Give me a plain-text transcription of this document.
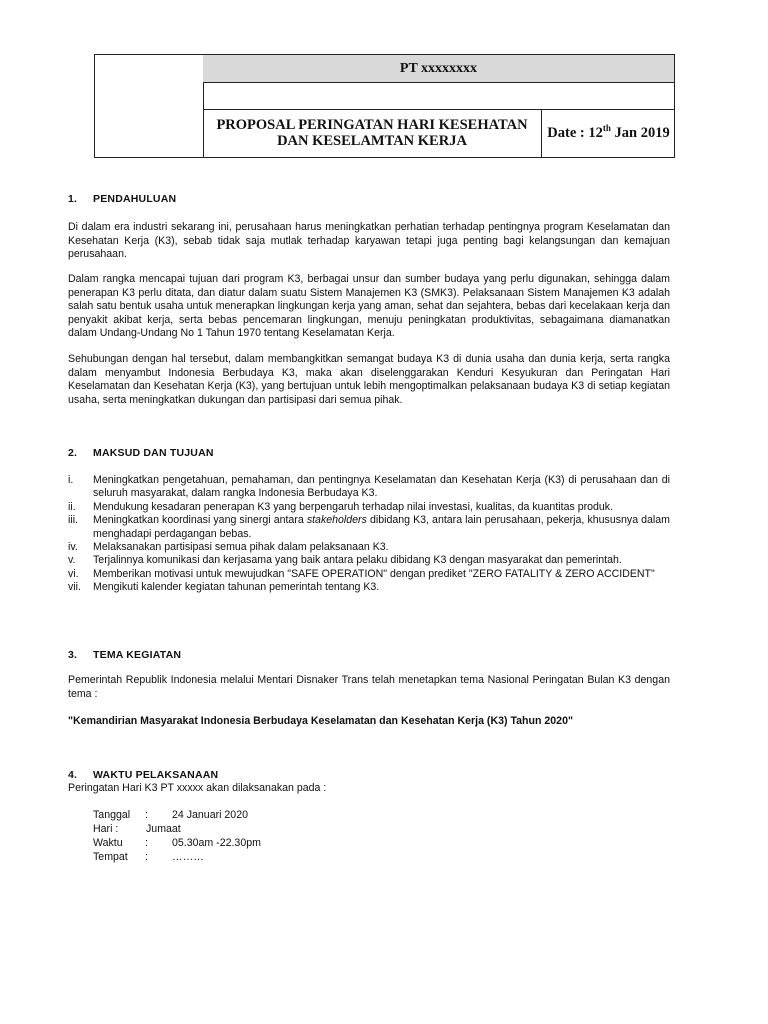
PT xxxxxxxx
PROPOSAL PERINGATAN HARI KESEHATAN
DAN KESELAMTAN KERJA	Date : 12th Jan 2019
1. PENDAHULUAN
Di dalam era industri sekarang ini, perusahaan harus meningkatkan perhatian terhadap pentingnya program Keselamatan dan Kesehatan Kerja (K3), sebab tidak saja mutlak terhadap karyawan tetapi juga penting bagi kelangsungan dan kemajuan perusahaan.
Dalam rangka mencapai tujuan dari program K3, berbagai unsur dan sumber budaya yang perlu digunakan, sehingga dalam penerapan K3 perlu ditata, dan diatur dalam suatu Sistem Manajemen K3 (SMK3). Pelaksanaan Sistem Manajemen K3 adalah salah satu bentuk usaha untuk menerapkan lingkungan kerja yang aman, sehat dan sejahtera, bebas dari kecelakaan kerja dan penyakit akibat kerja, serta bebas pencemaran lingkungan, menuju peningkatan produktivitas, sebagaimana diamanatkan dalam Undang-Undang No 1 Tahun 1970 tentang Keselamatan Kerja.
Sehubungan dengan hal tersebut, dalam membangkitkan semangat budaya K3 di dunia usaha dan dunia kerja, serta rangka dalam menyambut Indonesia Berbudaya K3, maka akan diselenggarakan Kenduri Kesyukuran dan Peringatan Hari Keselamatan dan Kesehatan Kerja (K3), yang bertujuan untuk lebih mengoptimalkan pelaksanaan budaya K3 di setiap kegiatan usaha, serta meningkatkan dukungan dan partisipasi dari semua pihak.
2. MAKSUD DAN TUJUAN
i.	Meningkatkan pengetahuan, pemahaman, dan pentingnya Keselamatan dan Kesehatan Kerja (K3) di perusahaan dan di seluruh masyarakat, dalam rangka Indonesia Berbudaya K3.
ii.	Mendukung kesadaran penerapan K3 yang berpengaruh terhadap nilai investasi, kualitas, da kuantitas produk.
iii.	Meningkatkan koordinasi yang sinergi antara stakeholders dibidang K3, antara lain perusahaan, pekerja, khususnya dalam menghadapi perdagangan bebas.
iv.	Melaksanakan partisipasi semua pihak dalam pelaksanaan K3.
v.	Terjalinnya komunikasi dan kerjasama yang baik antara pelaku dibidang K3 dengan masyarakat dan pemerintah.
vi.	Memberikan motivasi untuk mewujudkan "SAFE OPERATION" dengan prediket "ZERO FATALITY & ZERO ACCIDENT"
vii.	Mengikuti kalender kegiatan tahunan pemerintah tentang K3.
3. TEMA KEGIATAN
Pemerintah Republik Indonesia melalui Mentari Disnaker Trans telah menetapkan tema Nasional Peringatan Bulan K3 dengan tema :
"Kemandirian Masyarakat Indonesia Berbudaya Keselamatan dan Kesehatan Kerja (K3) Tahun 2020"
4. WAKTU PELAKSANAAN
Peringatan Hari K3 PT xxxxx akan dilaksanakan pada :
Tanggal	:	24 Januari 2020
Hari :	Jumaat
Waktu	:	05.30am -22.30pm
Tempat	:	………
